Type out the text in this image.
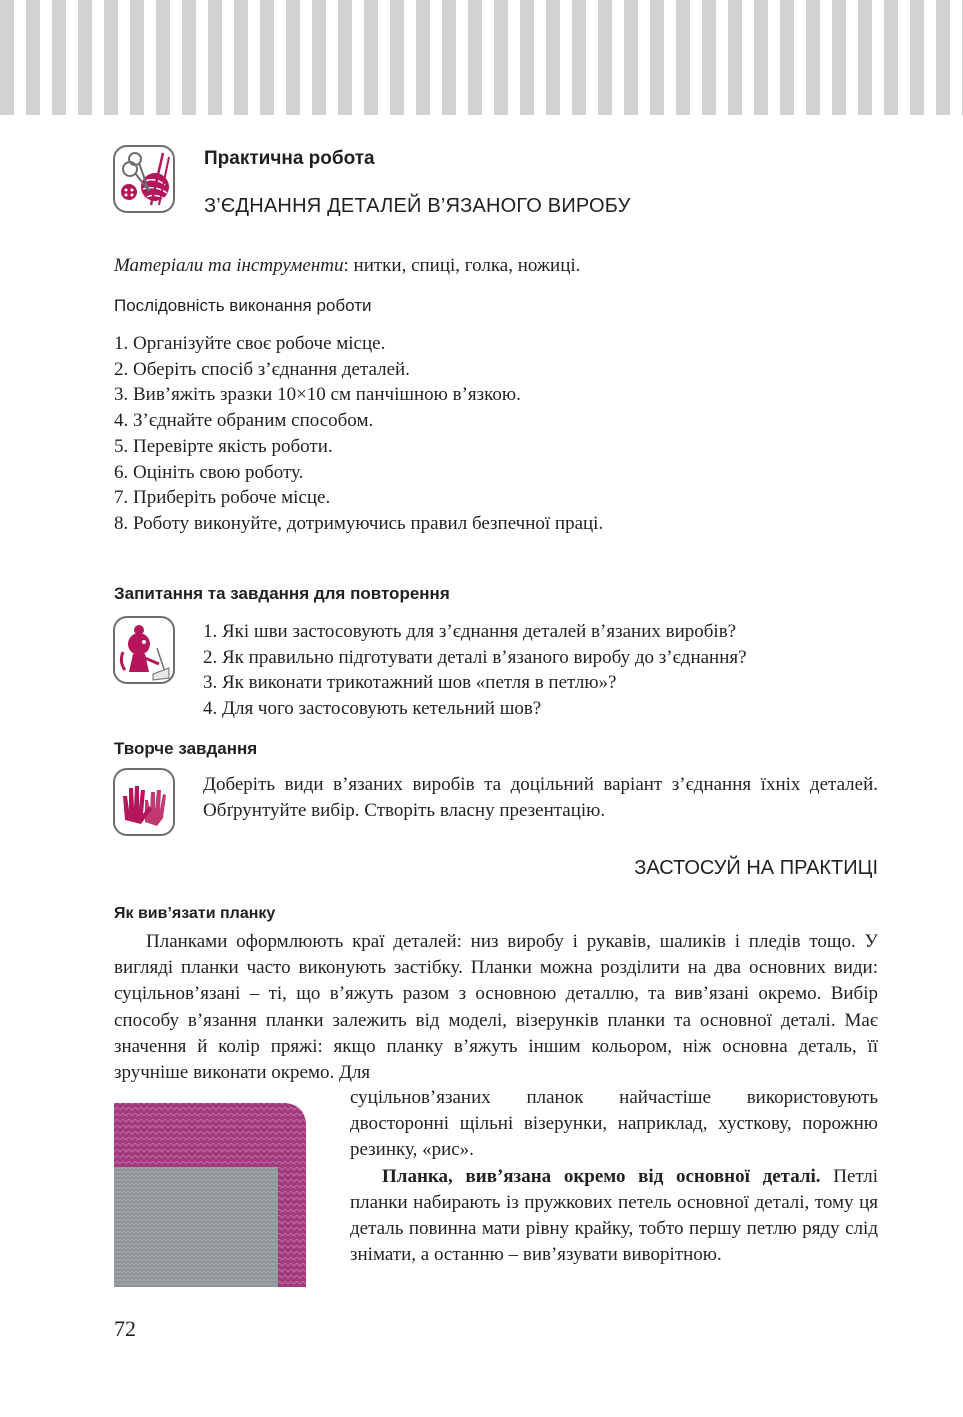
Практична робота
З’ЄДНАННЯ ДЕТАЛЕЙ В’ЯЗАНОГО ВИРОБУ
Матеріали та інструменти: нитки, спиці, голка, ножиці.
Послідовність виконання роботи
1. Організуйте своє робоче місце.
2. Оберіть спосіб з’єднання деталей.
3. Вив’яжіть зразки 10×10 см панчішною в’язкою.
4. З’єднайте обраним способом.
5. Перевірте якість роботи.
6. Оцініть свою роботу.
7. Приберіть робоче місце.
8. Роботу виконуйте, дотримуючись правил безпечної праці.
Запитання та завдання для повторення
1. Які шви застосовують для з’єднання деталей в’язаних виробів?
2. Як правильно підготувати деталі в’язаного виробу до з’єднання?
3. Як виконати трикотажний шов «петля в петлю»?
4. Для чого застосовують кетельний шов?
Творче завдання
Доберіть види в’язаних виробів та доцільний варіант з’єднання їхніх деталей. Обґрунтуйте вибір. Створіть власну презентацію.
ЗАСТОСУЙ НА ПРАКТИЦІ
Як вив’язати планку

Планками оформлюють краї деталей: низ виробу і рукавів, шаликів і пледів тощо. У вигляді планки часто виконують застібку. Планки можна розділити на два основних види: суцільнов’язані – ті, що в’яжуть разом з основною деталлю, та вив’язані окремо. Вибір способу в’язання планки залежить від моделі, візерунків планки та основної деталі. Має значення й колір пряжі: якщо планку в’яжуть іншим кольором, ніж основна деталь, її зручніше виконати окремо. Для

суцільнов’язаних планок найчастіше використовують двосторонні щільні візерунки, наприклад, хусткову, порожню резинку, «рис».

Планка, вив’язана окремо від основної деталі. Петлі планки набирають із пружкових петель основної деталі, тому ця деталь повинна мати рівну крайку, тобто першу петлю ряду слід знімати, а останню – вив’язувати виворітною.

72
